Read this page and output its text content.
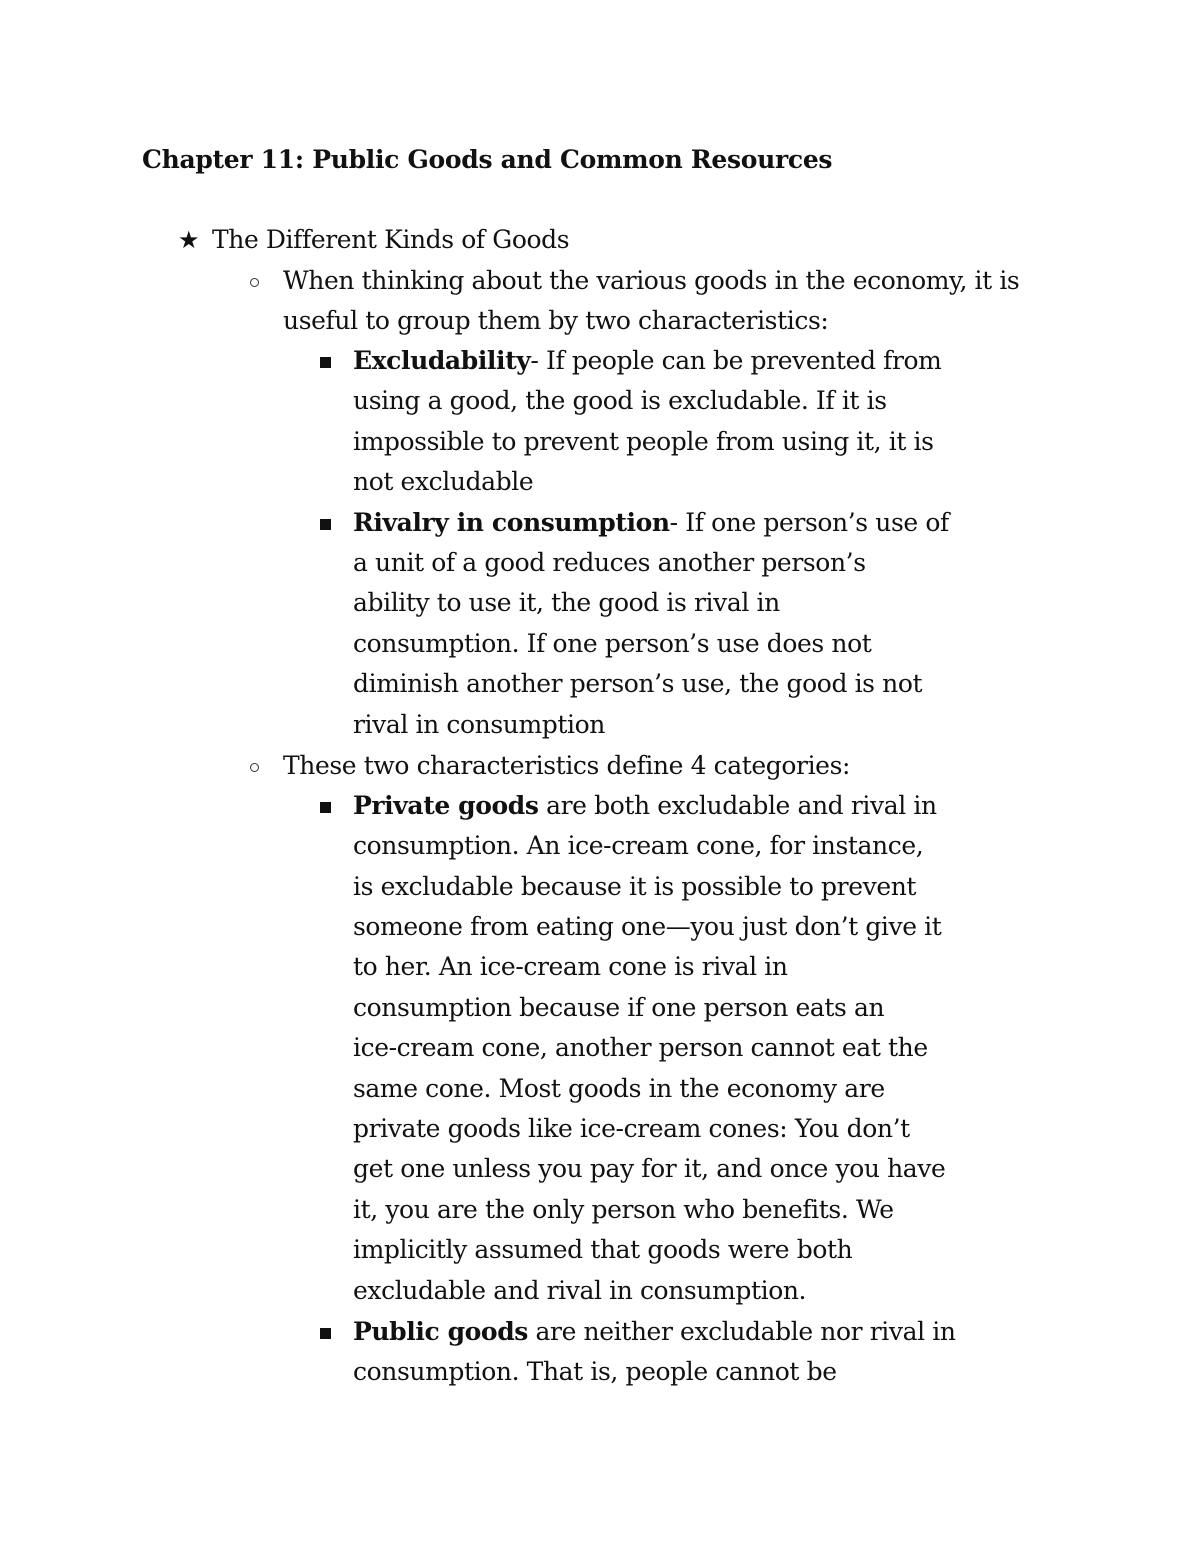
Chapter 11: Public Goods and Common Resources
★ The Different Kinds of Goods
When thinking about the various goods in the economy, it is
useful to group them by two characteristics:
Excludability- If people can be prevented from
using a good, the good is excludable. If it is
impossible to prevent people from using it, it is
not excludable
Rivalry in consumption- If one person’s use of
a unit of a good reduces another person’s
ability to use it, the good is rival in
consumption. If one person’s use does not
diminish another person’s use, the good is not
rival in consumption
These two characteristics define 4 categories:
Private goods are both excludable and rival in
consumption. An ice-cream cone, for instance,
is excludable because it is possible to prevent
someone from eating one—you just don’t give it
to her. An ice-cream cone is rival in
consumption because if one person eats an
ice-cream cone, another person cannot eat the
same cone. Most goods in the economy are
private goods like ice-cream cones: You don’t
get one unless you pay for it, and once you have
it, you are the only person who benefits. We
implicitly assumed that goods were both
excludable and rival in consumption.
Public goods are neither excludable nor rival in
consumption. That is, people cannot be
